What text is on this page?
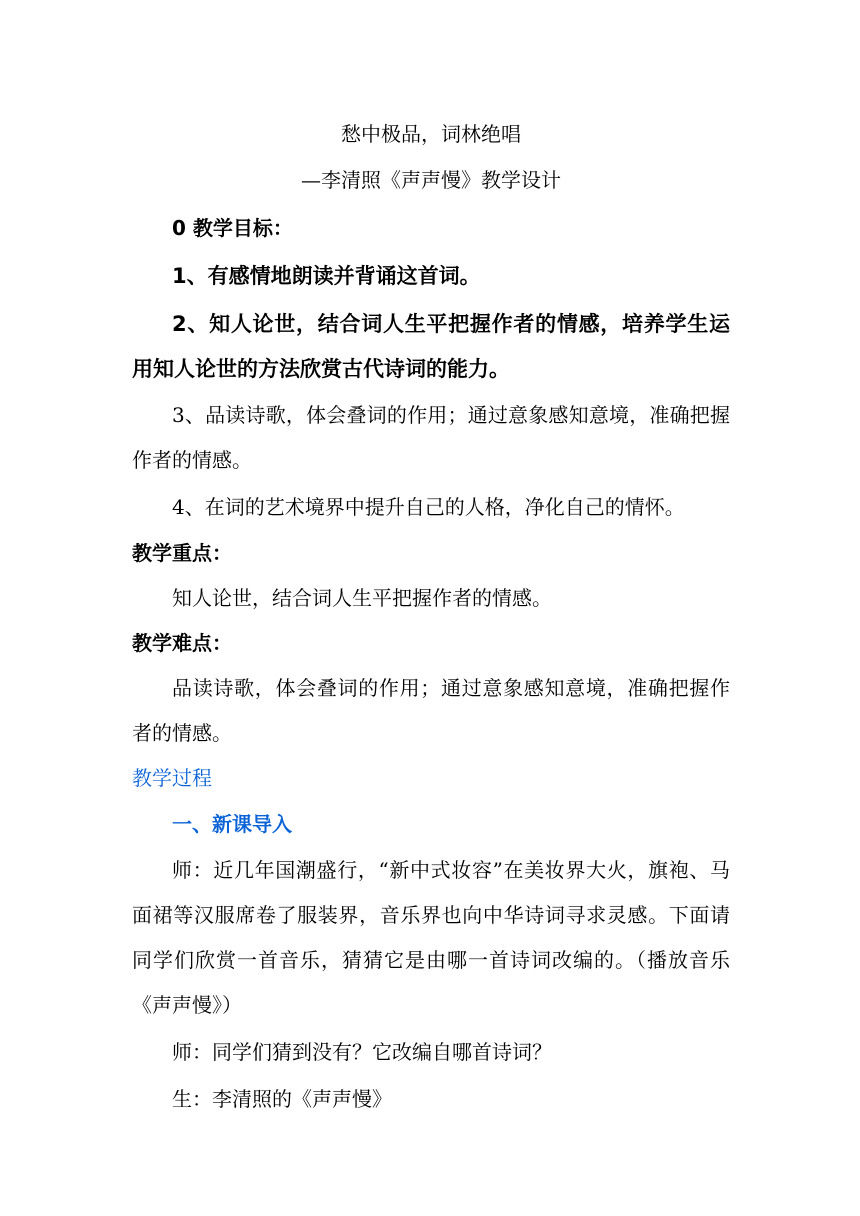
愁中极品，词林绝唱

—李清照《声声慢》教学设计

0 教学目标：

1、有感情地朗读并背诵这首词。

2、知人论世，结合词人生平把握作者的情感，培养学生运用知人论世的方法欣赏古代诗词的能力。

3、品读诗歌，体会叠词的作用；通过意象感知意境，准确把握作者的情感。

4、在词的艺术境界中提升自己的人格，净化自己的情怀。

教学重点：

知人论世，结合词人生平把握作者的情感。

教学难点：

品读诗歌，体会叠词的作用；通过意象感知意境，准确把握作者的情感。

教学过程

一、新课导入

师：近几年国潮盛行，“新中式妆容”在美妆界大火，旗袍、马面裙等汉服席卷了服装界，音乐界也向中华诗词寻求灵感。下面请同学们欣赏一首音乐，猜猜它是由哪一首诗词改编的。（播放音乐《声声慢》）

师：同学们猜到没有？它改编自哪首诗词？

生：李清照的《声声慢》
